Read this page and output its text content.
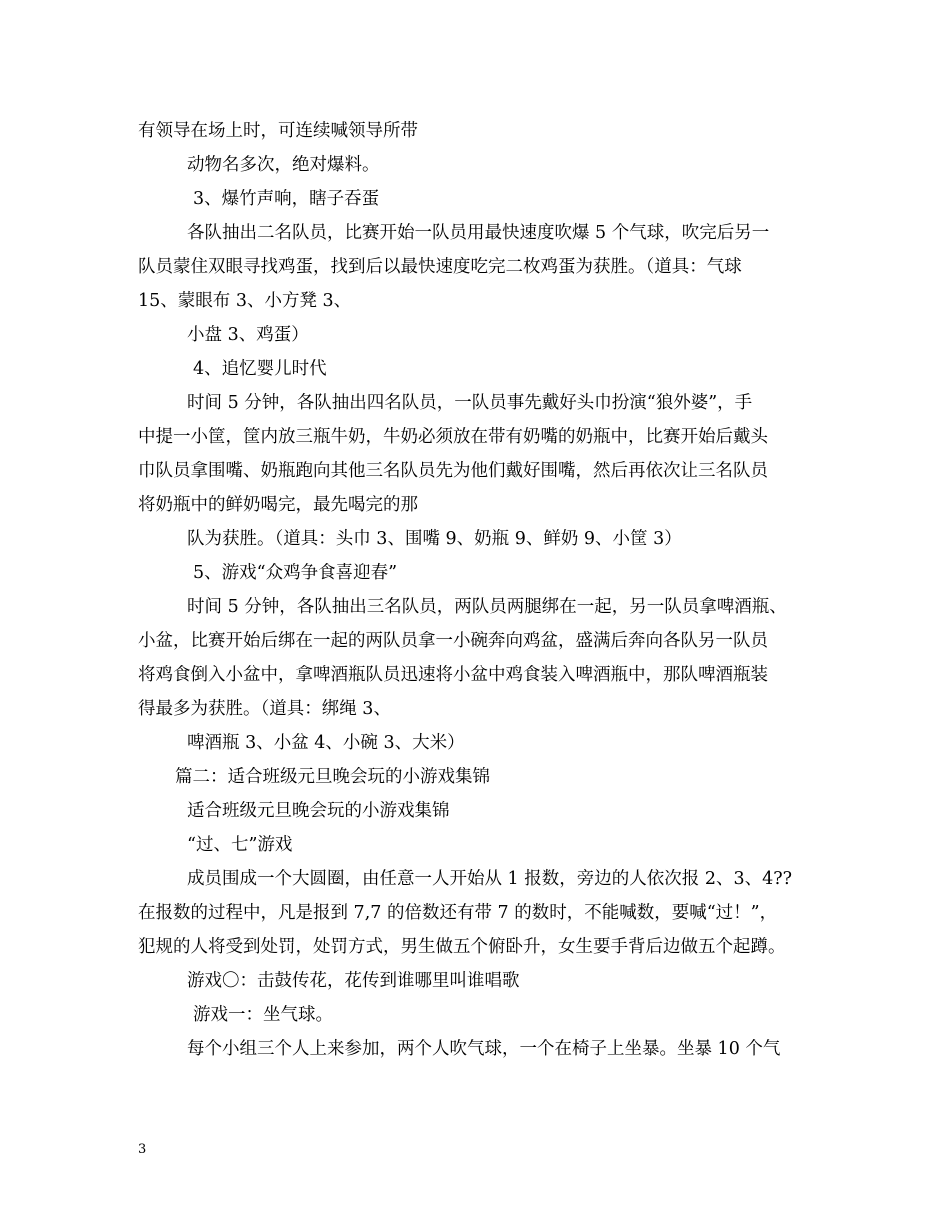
有领导在场上时，可连续喊领导所带
动物名多次，绝对爆料。
3、爆竹声响，瞎子吞蛋
各队抽出二名队员，比赛开始一队员用最快速度吹爆 5 个气球，吹完后另一
队员蒙住双眼寻找鸡蛋，找到后以最快速度吃完二枚鸡蛋为获胜。（道具：气球
15、蒙眼布 3、小方凳 3、
小盘 3、鸡蛋）
4、追忆婴儿时代
时间 5 分钟，各队抽出四名队员，一队员事先戴好头巾扮演“狼外婆”，手
中提一小筐，筐内放三瓶牛奶，牛奶必须放在带有奶嘴的奶瓶中，比赛开始后戴头
巾队员拿围嘴、奶瓶跑向其他三名队员先为他们戴好围嘴，然后再依次让三名队员
将奶瓶中的鲜奶喝完，最先喝完的那
队为获胜。（道具：头巾 3、围嘴 9、奶瓶 9、鲜奶 9、小筐 3）
5、游戏“众鸡争食喜迎春”
时间 5 分钟，各队抽出三名队员，两队员两腿绑在一起，另一队员拿啤酒瓶、
小盆，比赛开始后绑在一起的两队员拿一小碗奔向鸡盆，盛满后奔向各队另一队员
将鸡食倒入小盆中，拿啤酒瓶队员迅速将小盆中鸡食装入啤酒瓶中，那队啤酒瓶装
得最多为获胜。（道具：绑绳 3、
啤酒瓶 3、小盆 4、小碗 3、大米）
篇二：适合班级元旦晚会玩的小游戏集锦
适合班级元旦晚会玩的小游戏集锦
“过、七”游戏
成员围成一个大圆圈，由任意一人开始从 1 报数，旁边的人依次报 2、3、4??
在报数的过程中，凡是报到 7,7 的倍数还有带 7 的数时，不能喊数，要喊“过！”，
犯规的人将受到处罚，处罚方式，男生做五个俯卧升，女生要手背后边做五个起蹲。
游戏〇：击鼓传花，花传到谁哪里叫谁唱歌
游戏一：坐气球。
每个小组三个人上来参加，两个人吹气球，一个在椅子上坐暴。坐暴 10 个气
3
